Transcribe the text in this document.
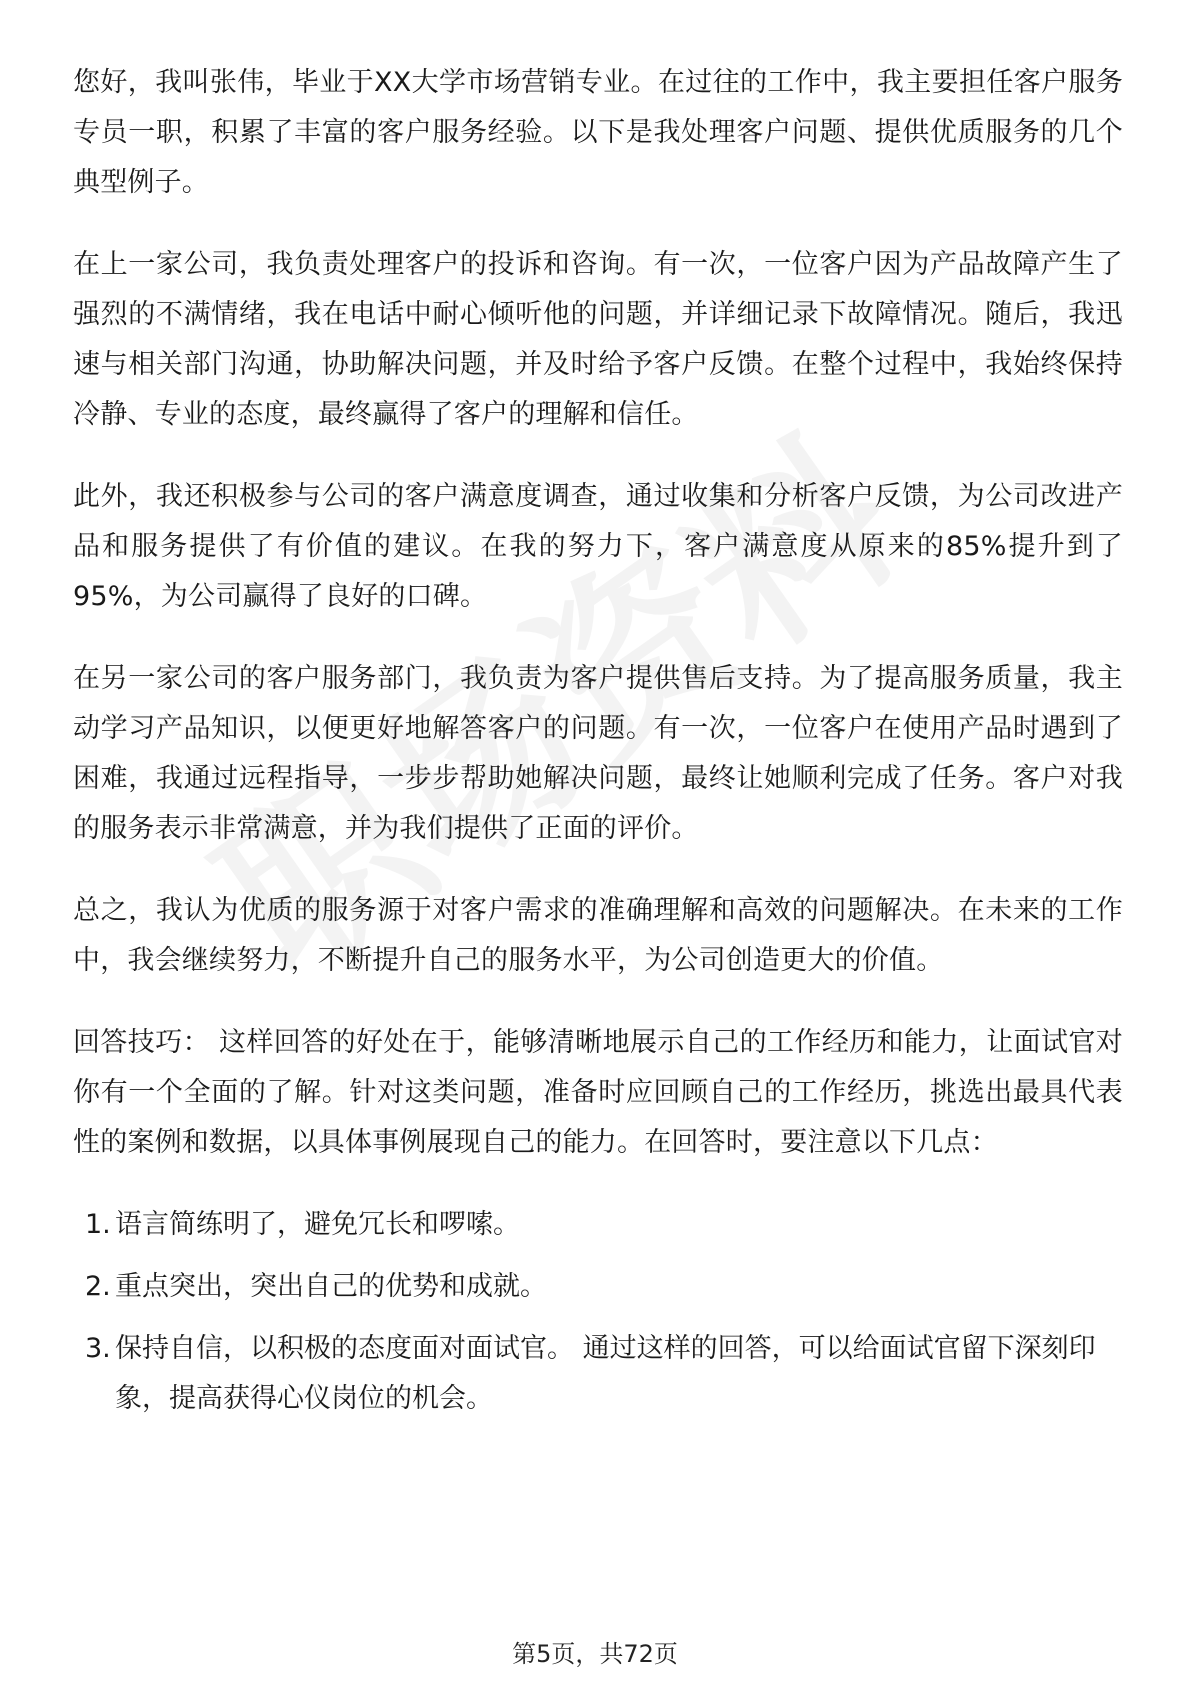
您好，我叫张伟，毕业于XX大学市场营销专业。在过往的工作中，我主要担任客户服务专员一职，积累了丰富的客户服务经验。以下是我处理客户问题、提供优质服务的几个典型例子。

在上一家公司，我负责处理客户的投诉和咨询。有一次，一位客户因为产品故障产生了强烈的不满情绪，我在电话中耐心倾听他的问题，并详细记录下故障情况。随后，我迅速与相关部门沟通，协助解决问题，并及时给予客户反馈。在整个过程中，我始终保持冷静、专业的态度，最终赢得了客户的理解和信任。

此外，我还积极参与公司的客户满意度调查，通过收集和分析客户反馈，为公司改进产品和服务提供了有价值的建议。在我的努力下，客户满意度从原来的85%提升到了95%，为公司赢得了良好的口碑。

在另一家公司的客户服务部门，我负责为客户提供售后支持。为了提高服务质量，我主动学习产品知识，以便更好地解答客户的问题。有一次，一位客户在使用产品时遇到了困难，我通过远程指导，一步步帮助她解决问题，最终让她顺利完成了任务。客户对我的服务表示非常满意，并为我们提供了正面的评价。

总之，我认为优质的服务源于对客户需求的准确理解和高效的问题解决。在未来的工作中，我会继续努力，不断提升自己的服务水平，为公司创造更大的价值。

回答技巧： 这样回答的好处在于，能够清晰地展示自己的工作经历和能力，让面试官对你有一个全面的了解。针对这类问题，准备时应回顾自己的工作经历，挑选出最具代表性的案例和数据，以具体事例展现自己的能力。在回答时，要注意以下几点：

1. 语言简练明了，避免冗长和啰嗦。
2. 重点突出，突出自己的优势和成就。
3. 保持自信，以积极的态度面对面试官。 通过这样的回答，可以给面试官留下深刻印象，提高获得心仪岗位的机会。
第5页，共72页
